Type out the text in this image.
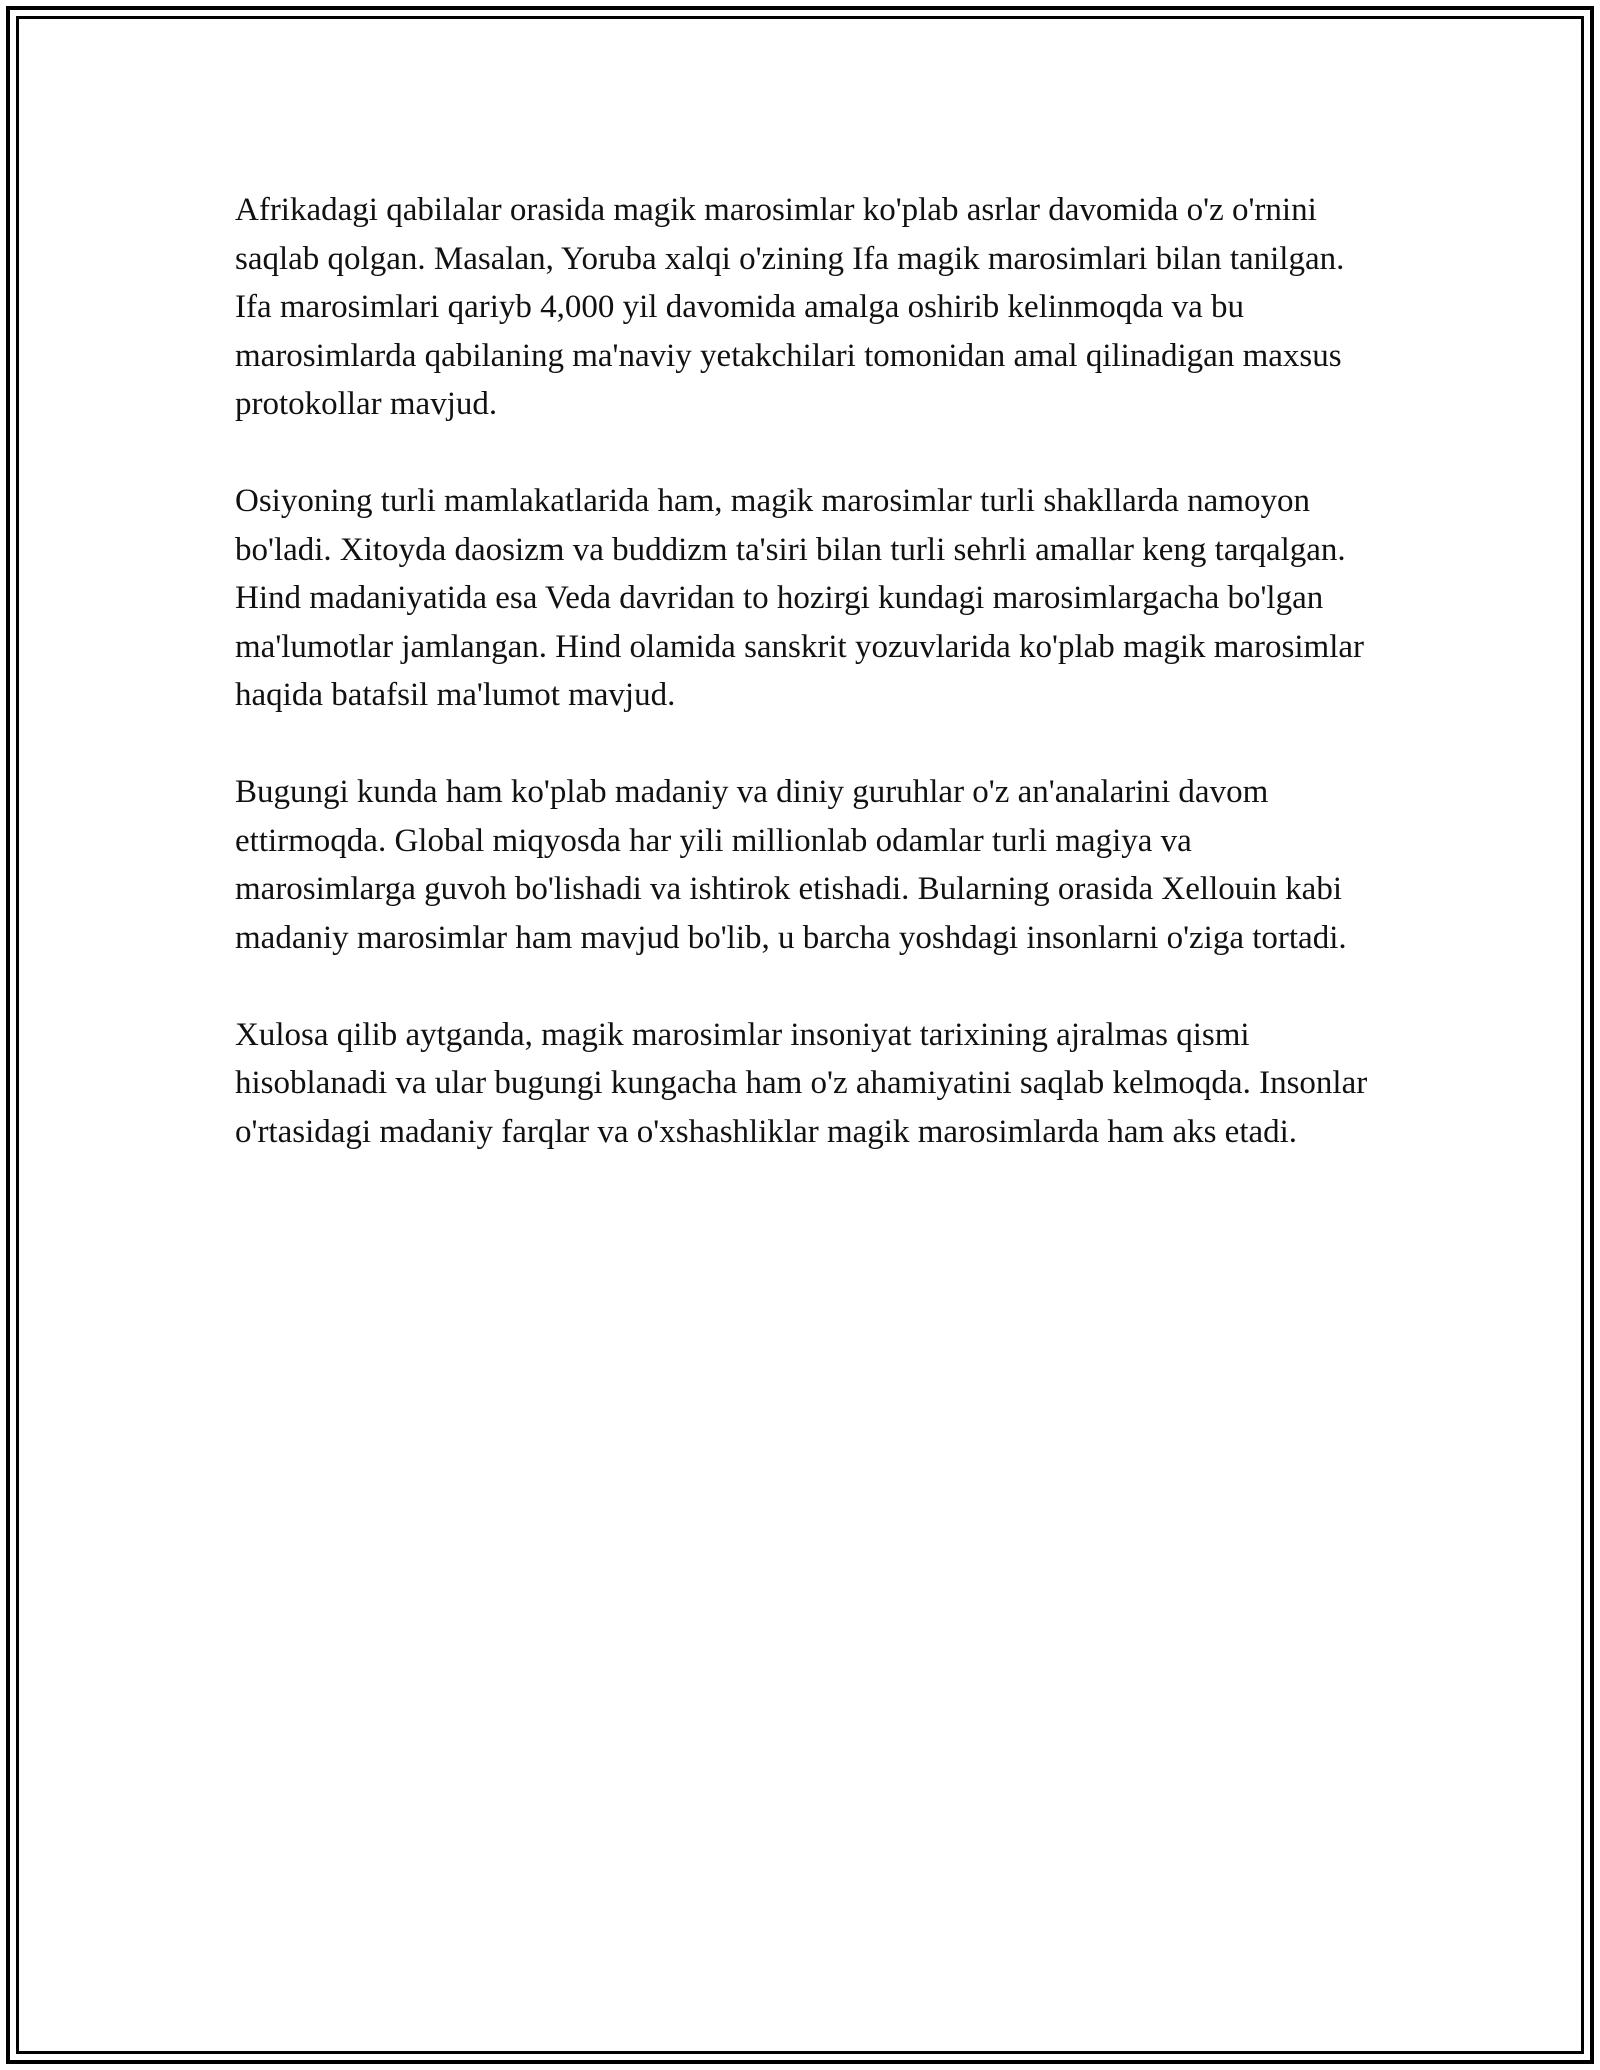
Afrikadagi qabilalar orasida magik marosimlar ko'plab asrlar davomida o'z o'rnini saqlab qolgan. Masalan, Yoruba xalqi o'zining Ifa magik marosimlari bilan tanilgan. Ifa marosimlari qariyb 4,000 yil davomida amalga oshirib kelinmoqda va bu marosimlarda qabilaning ma'naviy yetakchilari tomonidan amal qilinadigan maxsus protokollar mavjud.

Osiyoning turli mamlakatlarida ham, magik marosimlar turli shakllarda namoyon bo'ladi. Xitoyda daosizm va buddizm ta'siri bilan turli sehrli amallar keng tarqalgan. Hind madaniyatida esa Veda davridan to hozirgi kundagi marosimlargacha bo'lgan ma'lumotlar jamlangan. Hind olamida sanskrit yozuvlarida ko'plab magik marosimlar haqida batafsil ma'lumot mavjud.

Bugungi kunda ham ko'plab madaniy va diniy guruhlar o'z an'analarini davom ettirmoqda. Global miqyosda har yili millionlab odamlar turli magiya va marosimlarga guvoh bo'lishadi va ishtirok etishadi. Bularning orasida Xellouin kabi madaniy marosimlar ham mavjud bo'lib, u barcha yoshdagi insonlarni o'ziga tortadi.

Xulosa qilib aytganda, magik marosimlar insoniyat tarixining ajralmas qismi hisoblanadi va ular bugungi kungacha ham o'z ahamiyatini saqlab kelmoqda. Insonlar o'rtasidagi madaniy farqlar va o'xshashliklar magik marosimlarda ham aks etadi.
